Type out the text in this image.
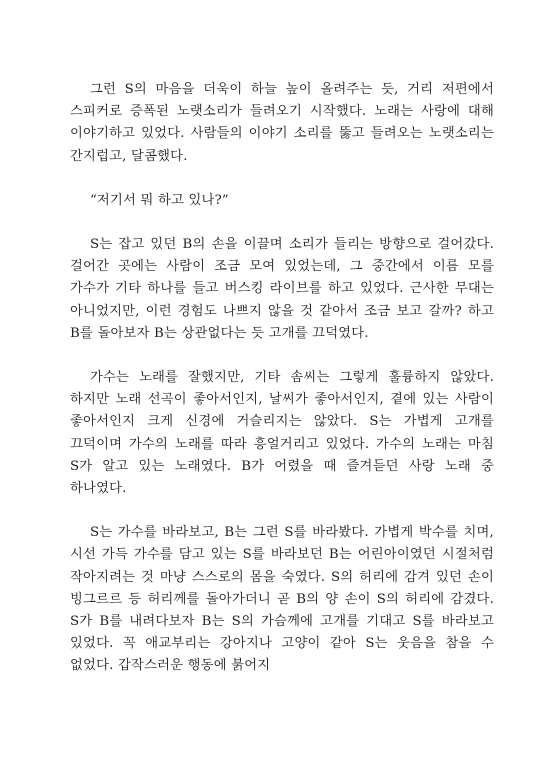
그런 S의 마음을 더욱이 하늘 높이 올려주는 듯, 거리 저편에서 스피커로 증폭된 노랫소리가 들려오기 시작했다. 노래는 사랑에 대해 이야기하고 있었다. 사람들의 이야기 소리를 뚫고 들려오는 노랫소리는 간지럽고, 달콤했다.

“저기서 뭐 하고 있나?”

S는 잡고 있던 B의 손을 이끌며 소리가 들리는 방향으로 걸어갔다. 걸어간 곳에는 사람이 조금 모여 있었는데, 그 중간에서 이름 모를 가수가 기타 하나를 들고 버스킹 라이브를 하고 있었다. 근사한 무대는 아니었지만, 이런 경험도 나쁘지 않을 것 같아서 조금 보고 갈까? 하고 B를 돌아보자 B는 상관없다는 듯 고개를 끄덕였다.

가수는 노래를 잘했지만, 기타 솜씨는 그렇게 훌륭하지 않았다. 하지만 노래 선곡이 좋아서인지, 날씨가 좋아서인지, 곁에 있는 사람이 좋아서인지 크게 신경에 거슬리지는 않았다. S는 가볍게 고개를 끄덕이며 가수의 노래를 따라 흥얼거리고 있었다. 가수의 노래는 마침 S가 알고 있는 노래였다. B가 어렸을 때 즐겨듣던 사랑 노래 중 하나였다.

S는 가수를 바라보고, B는 그런 S를 바라봤다. 가볍게 박수를 치며, 시선 가득 가수를 담고 있는 S를 바라보던 B는 어린아이였던 시절처럼 작아지려는 것 마냥 스스로의 몸을 숙였다. S의 허리에 감겨 있던 손이 빙그르르 등 허리께를 돌아가더니 곧 B의 양 손이 S의 허리에 감겼다. S가 B를 내려다보자 B는 S의 가슴께에 고개를 기대고 S를 바라보고 있었다. 꼭 애교부리는 강아지나 고양이 같아 S는 웃음을 참을 수 없었다. 갑작스러운 행동에 붉어지
